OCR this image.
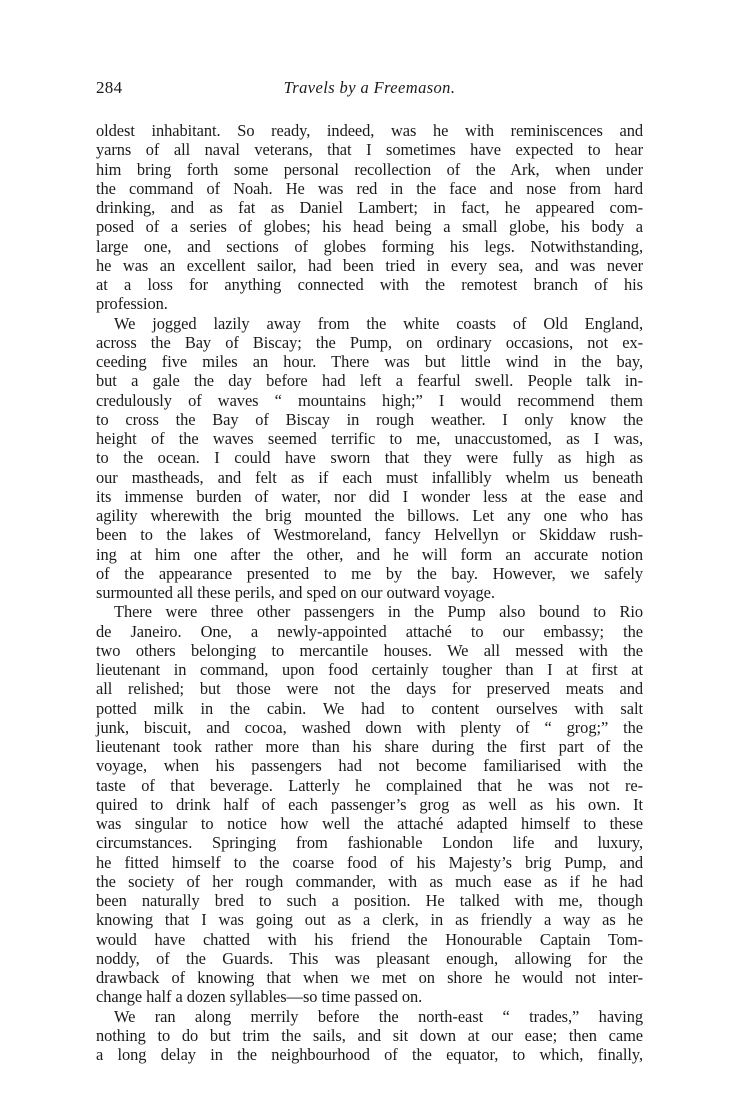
284	Travels by a Freemason.
oldest inhabitant. So ready, indeed, was he with reminiscences and
yarns of all naval veterans, that I sometimes have expected to hear
him bring forth some personal recollection of the Ark, when under
the command of Noah. He was red in the face and nose from hard
drinking, and as fat as Daniel Lambert; in fact, he appeared com-
posed of a series of globes; his head being a small globe, his body a
large one, and sections of globes forming his legs. Notwithstanding,
he was an excellent sailor, had been tried in every sea, and was never
at a loss for anything connected with the remotest branch of his
profession.
We jogged lazily away from the white coasts of Old England,
across the Bay of Biscay; the Pump, on ordinary occasions, not ex-
ceeding five miles an hour. There was but little wind in the bay,
but a gale the day before had left a fearful swell. People talk in-
credulously of waves “ mountains high;” I would recommend them
to cross the Bay of Biscay in rough weather. I only know the
height of the waves seemed terrific to me, unaccustomed, as I was,
to the ocean. I could have sworn that they were fully as high as
our mastheads, and felt as if each must infallibly whelm us beneath
its immense burden of water, nor did I wonder less at the ease and
agility wherewith the brig mounted the billows. Let any one who has
been to the lakes of Westmoreland, fancy Helvellyn or Skiddaw rush-
ing at him one after the other, and he will form an accurate notion
of the appearance presented to me by the bay. However, we safely
surmounted all these perils, and sped on our outward voyage.
There were three other passengers in the Pump also bound to Rio
de Janeiro. One, a newly-appointed attaché to our embassy; the
two others belonging to mercantile houses. We all messed with the
lieutenant in command, upon food certainly tougher than I at first at
all relished; but those were not the days for preserved meats and
potted milk in the cabin. We had to content ourselves with salt
junk, biscuit, and cocoa, washed down with plenty of “ grog;” the
lieutenant took rather more than his share during the first part of the
voyage, when his passengers had not become familiarised with the
taste of that beverage. Latterly he complained that he was not re-
quired to drink half of each passenger’s grog as well as his own. It
was singular to notice how well the attaché adapted himself to these
circumstances. Springing from fashionable London life and luxury,
he fitted himself to the coarse food of his Majesty’s brig Pump, and
the society of her rough commander, with as much ease as if he had
been naturally bred to such a position. He talked with me, though
knowing that I was going out as a clerk, in as friendly a way as he
would have chatted with his friend the Honourable Captain Tom-
noddy, of the Guards. This was pleasant enough, allowing for the
drawback of knowing that when we met on shore he would not inter-
change half a dozen syllables—so time passed on.
We ran along merrily before the north-east “ trades,” having
nothing to do but trim the sails, and sit down at our ease; then came
a long delay in the neighbourhood of the equator, to which, finally,
